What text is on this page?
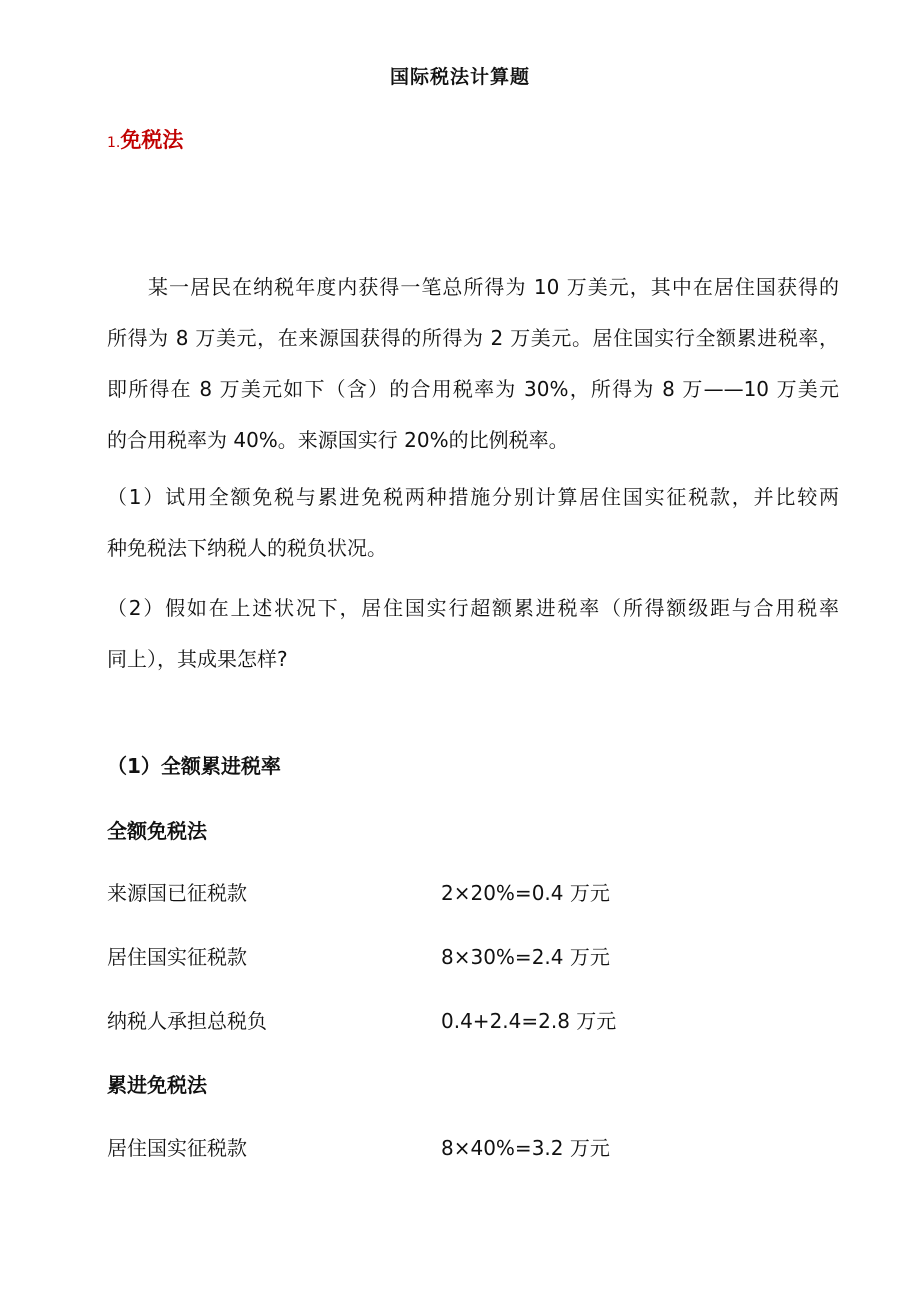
国际税法计算题
1.免税法
某一居民在纳税年度内获得一笔总所得为 10 万美元，其中在居住国获得的
所得为 8 万美元，在来源国获得的所得为 2 万美元。居住国实行全额累进税率，
即所得在 8 万美元如下（含）的合用税率为 30%，所得为 8 万——10 万美元
的合用税率为 40%。来源国实行 20%的比例税率。
（1）试用全额免税与累进免税两种措施分别计算居住国实征税款，并比较两
种免税法下纳税人的税负状况。
（2）假如在上述状况下，居住国实行超额累进税率（所得额级距与合用税率
同上），其成果怎样?
（1）全额累进税率
全额免税法
来源国已征税款	2×20%=0.4 万元
居住国实征税款	8×30%=2.4 万元
纳税人承担总税负	0.4+2.4=2.8 万元
累进免税法
居住国实征税款	8×40%=3.2 万元
